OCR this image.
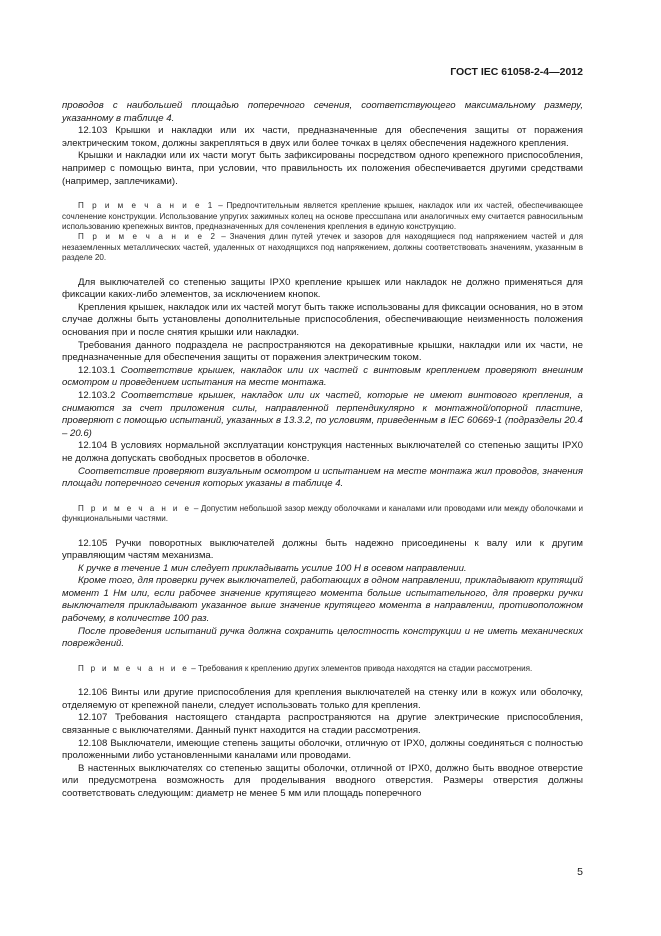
ГОСТ IEC 61058-2-4—2012

проводов с наибольшей площадью поперечного сечения, соответствующего максимальному размеру, указанному в таблице 4.

12.103 Крышки и накладки или их части, предназначенные для обеспечения защиты от поражения электрическим током, должны закрепляться в двух или более точках в целях обеспечения надежного крепления.

Крышки и накладки или их части могут быть зафиксированы посредством одного крепежного приспособления, например с помощью винта, при условии, что правильность их положения обеспечивается другими средствами (например, заплечиками).

П р и м е ч а н и е 1 – Предпочтительным является крепление крышек, накладок или их частей, обеспечивающее сочленение конструкции. Использование упругих зажимных колец на основе прессшпана или аналогичных ему считается равносильным использованию крепежных винтов, предназначенных для сочленения крепления в единую конструкцию.

П р и м е ч а н и е 2 – Значения длин путей утечек и зазоров для находящиеся под напряжением частей и для незаземленных металлических частей, удаленных от находящихся под напряжением, должны соответствовать значениям, указанным в разделе 20.

Для выключателей со степенью защиты IPX0 крепление крышек или накладок не должно применяться для фиксации каких-либо элементов, за исключением кнопок.

Крепления крышек, накладок или их частей могут быть также использованы для фиксации основания, но в этом случае должны быть установлены дополнительные приспособления, обеспечивающие неизменность положения основания при и после снятия крышки или накладки.

Требования данного подраздела не распространяются на декоративные крышки, накладки или их части, не предназначенные для обеспечения защиты от поражения электрическим током.

12.103.1 Соответствие крышек, накладок или их частей с винтовым креплением проверяют внешним осмотром и проведением испытания на месте монтажа.

12.103.2 Соответствие крышек, накладок или их частей, которые не имеют винтового крепления, а снимаются за счет приложения силы, направленной перпендикулярно к монтажной/опорной пластине, проверяют с помощью испытаний, указанных в 13.3.2, по условиям, приведенным в IEC 60669-1 (подразделы 20.4 – 20.6)

12.104 В условиях нормальной эксплуатации конструкция настенных выключателей со степенью защиты IPX0 не должна допускать свободных просветов в оболочке.

Соответствие проверяют визуальным осмотром и испытанием на месте монтажа жил проводов, значения площади поперечного сечения которых указаны в таблице 4.

П р и м е ч а н и е – Допустим небольшой зазор между оболочками и каналами или проводами или между оболочками и функциональными частями.

12.105 Ручки поворотных выключателей должны быть надежно присоединены к валу или к другим управляющим частям механизма.

К ручке в течение 1 мин следует прикладывать усилие 100 Н в осевом направлении.

Кроме того, для проверки ручек выключателей, работающих в одном направлении, прикладывают крутящий момент 1 Нм или, если рабочее значение крутящего момента больше испытательного, для проверки ручки выключателя прикладывают указанное выше значение крутящего момента в направлении, противоположном рабочему, в количестве 100 раз.

После проведения испытаний ручка должна сохранить целостность конструкции и не иметь механических повреждений.

П р и м е ч а н и е – Требования к креплению других элементов привода находятся на стадии рассмотрения.

12.106 Винты или другие приспособления для крепления выключателей на стенку или в кожух или оболочку, отделяемую от крепежной панели, следует использовать только для крепления.

12.107 Требования настоящего стандарта распространяются на другие электрические приспособления, связанные с выключателями. Данный пункт находится на стадии рассмотрения.

12.108 Выключатели, имеющие степень защиты оболочки, отличную от IPX0, должны соединяться с полностью проложенными либо установленными каналами или проводами.

В настенных выключателях со степенью защиты оболочки, отличной от IPX0, должно быть вводное отверстие или предусмотрена возможность для проделывания вводного отверстия. Размеры отверстия должны соответствовать следующим: диаметр не менее 5 мм или площадь поперечного

5
